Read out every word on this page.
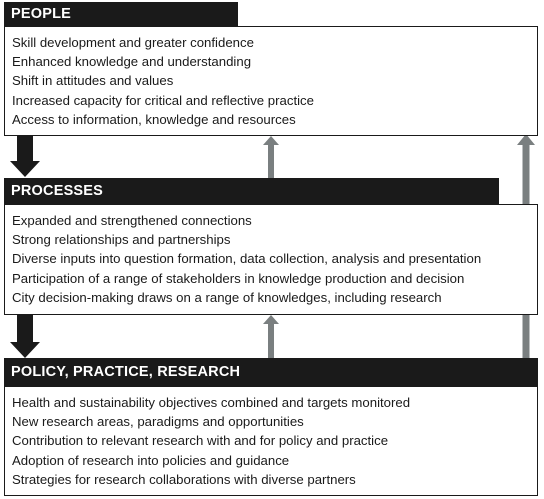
PEOPLE
Skill development and greater confidence
Enhanced knowledge and understanding
Shift in attitudes and values
Increased capacity for critical and reflective practice
Access to information, knowledge and resources
PROCESSES
Expanded and strengthened connections
Strong relationships and partnerships
Diverse inputs into question formation, data collection, analysis and presentation
Participation of a range of stakeholders in knowledge production and decision
City decision-making draws on a range of knowledges, including research
POLICY, PRACTICE, RESEARCH
Health and sustainability objectives combined and targets monitored
New research areas, paradigms and opportunities
Contribution to relevant research with and for policy and practice
Adoption of research into policies and guidance
Strategies for research collaborations with diverse partners
